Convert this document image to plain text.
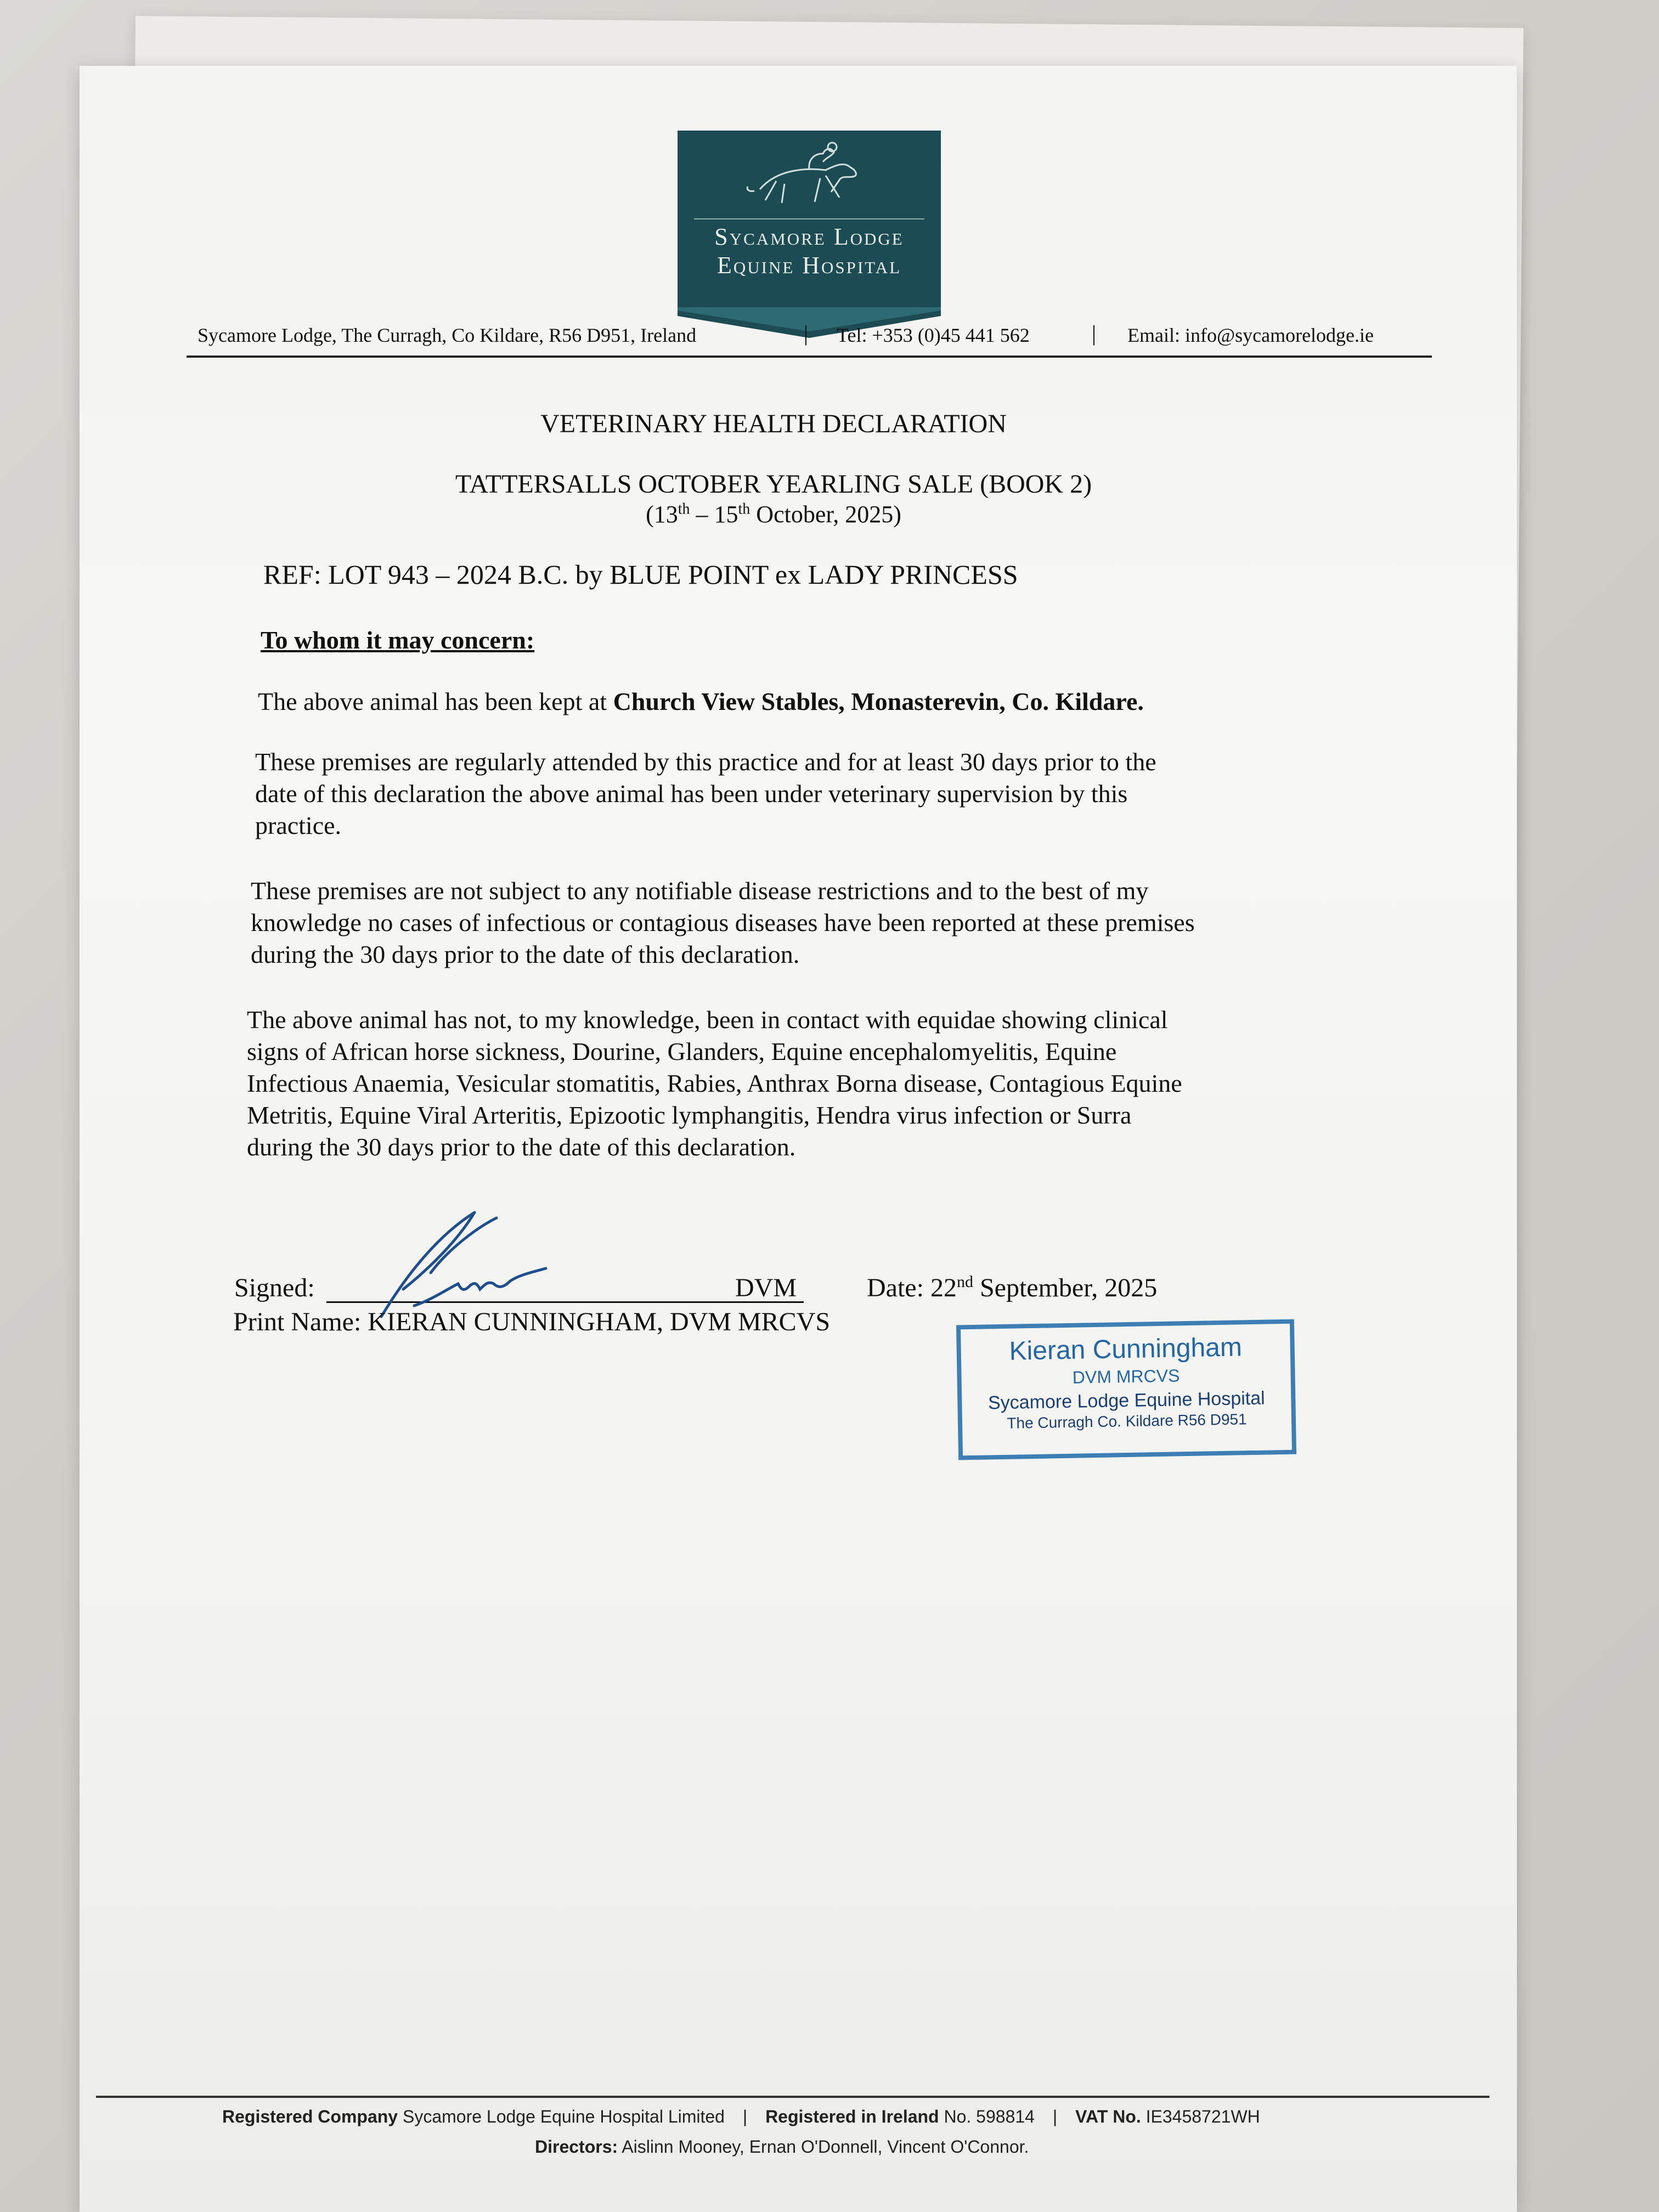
Sycamore Lodge
Equine Hospital
Sycamore Lodge, The Curragh, Co Kildare, R56 D951, Ireland	| Tel: +353 (0)45 441 562	| Email: info@sycamorelodge.ie
VETERINARY HEALTH DECLARATION
TATTERSALLS OCTOBER YEARLING SALE (BOOK 2)
(13th – 15th October, 2025)
REF: LOT 943 – 2024 B.C. by BLUE POINT ex LADY PRINCESS
To whom it may concern:
The above animal has been kept at Church View Stables, Monasterevin, Co. Kildare.
These premises are regularly attended by this practice and for at least 30 days prior to the
date of this declaration the above animal has been under veterinary supervision by this
practice.
These premises are not subject to any notifiable disease restrictions and to the best of my
knowledge no cases of infectious or contagious diseases have been reported at these premises
during the 30 days prior to the date of this declaration.
The above animal has not, to my knowledge, been in contact with equidae showing clinical
signs of African horse sickness, Dourine, Glanders, Equine encephalomyelitis, Equine
Infectious Anaemia, Vesicular stomatitis, Rabies, Anthrax Borna disease, Contagious Equine
Metritis, Equine Viral Arteritis, Epizootic lymphangitis, Hendra virus infection or Surra
during the 30 days prior to the date of this declaration.
Signed:	DVM	Date: 22nd September, 2025
Print Name: KIERAN CUNNINGHAM, DVM MRCVS
Kieran Cunningham
DVM MRCVS
Sycamore Lodge Equine Hospital
The Curragh Co. Kildare R56 D951
Registered Company Sycamore Lodge Equine Hospital Limited | Registered in Ireland No. 598814 | VAT No. IE3458721WH
Directors: Aislinn Mooney, Ernan O'Donnell, Vincent O'Connor.
